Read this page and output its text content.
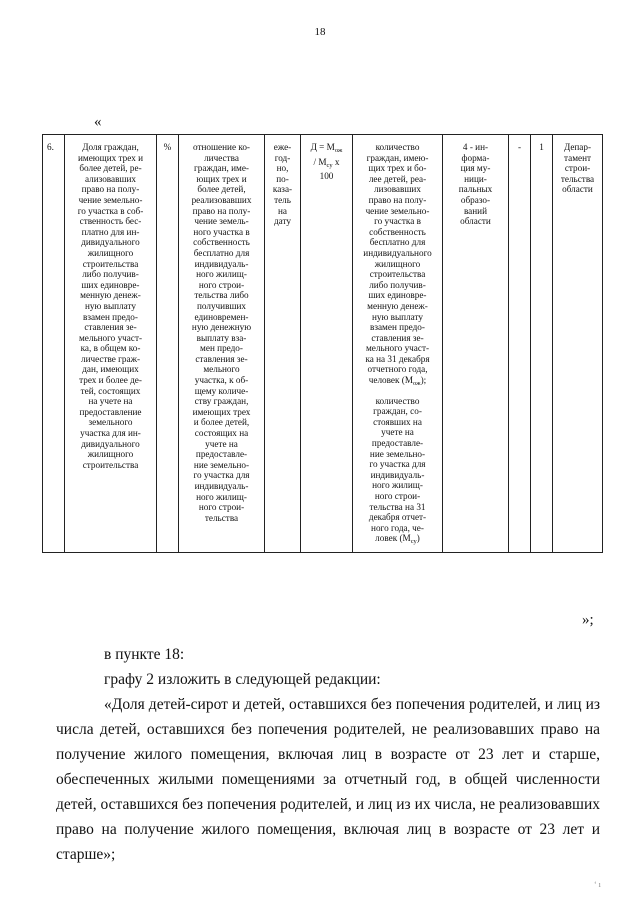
18
«
6.	Доля граждан,
имеющих трех и
более детей, ре-
ализовавших
право на полу-
чение земельно-
го участка в соб-
ственность бес-
платно для ин-
дивидуального
жилищного
строительства
либо получив-
ших единовре-
менную денеж-
ную выплату
взамен предо-
ставления зе-
мельного участ-
ка, в общем ко-
личестве граж-
дан, имеющих
трех и более де-
тей, состоящих
на учете на
предоставление
земельного
участка для ин-
дивидуального
жилищного
строительства	%	отношение ко-
личества
граждан, име-
ющих трех и
более детей,
реализовавших
право на полу-
чение земель-
ного участка в
собственность
бесплатно для
индивидуаль-
ного жилищ-
ного строи-
тельства либо
получивших
единовремен-
ную денежную
выплату вза-
мен предо-
ставления зе-
мельного
участка, к об-
щему количе-
ству граждан,
имеющих трех
и более детей,
состоящих на
учете на
предоставле-
ние земельно-
го участка для
индивидуаль-
ного жилищ-
ного строи-
тельства	еже-
год-
но,
по-
каза-
тель
на
дату	$Д = М_{ож}$
/ $М_{су}$ х
100	
количество
граждан, имею-
щих трех и бо-
лее детей, реа-
лизовавших
право на полу-
чение земельно-
го участка в
собственность
бесплатно для
индивидуального
жилищного
строительства
либо получив-
ших единовре-
менную денеж-
ную выплату
взамен предо-
ставления зе-
мельного участ-
ка на 31 декабря
отчетного года,
человек $(М_{ож})$;
количество
граждан, со-
стоявших на
учете на
предоставле-
ние земельно-
го участка для
индивидуаль-
ного жилищ-
ного строи-
тельства на 31
декабря отчет-
ного года, че-
ловек $(М_{су})$
	4 - ин-
форма-
ция му-
ници-
пальных
образо-
ваний
области	-	1	Депар-
тамент
строи-
тельства
области
»;
в пункте 18:
графу 2 изложить в следующей редакции:
«Доля детей-сирот и детей, оставшихся без попечения родителей, и лиц из числа детей, оставшихся без попечения родителей, не реализовавших право на получение жилого помещения, включая лиц в возрасте от 23 лет и старше, обеспеченных жилыми помещениями за отчетный год, в общей численности детей, оставшихся без попечения родителей, и лиц из их числа, не реализовавших право на получение жилого помещения, включая лиц в возрасте от 23 лет и старше»;
‘ ı
